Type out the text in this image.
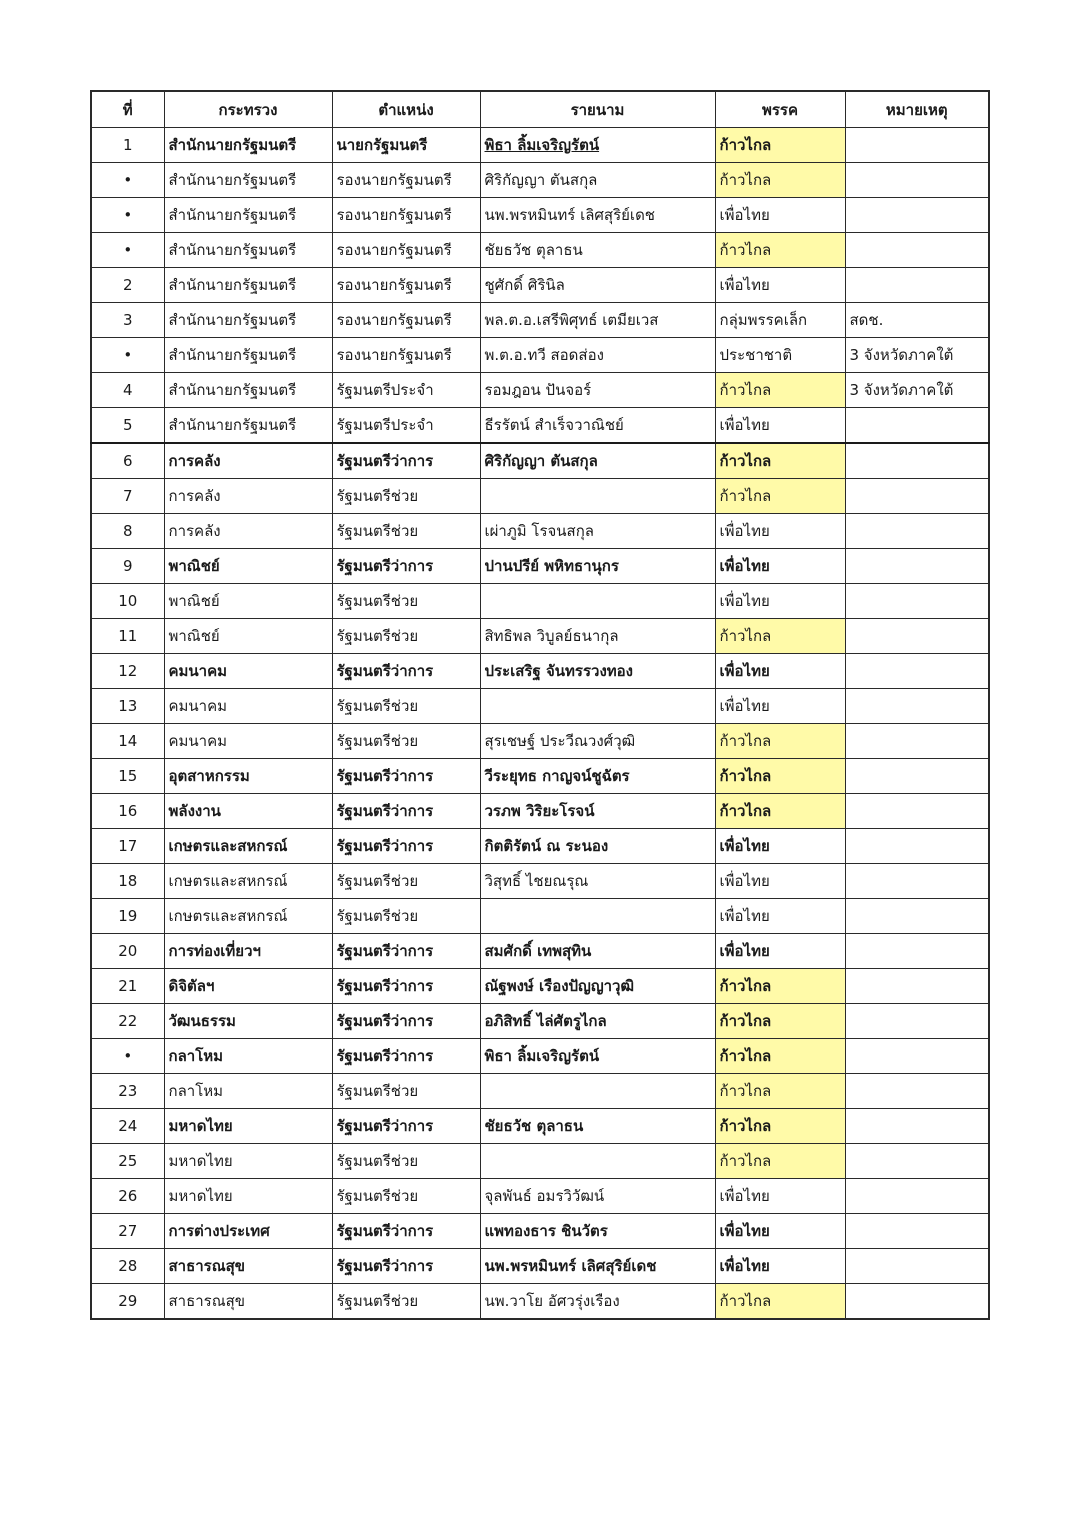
ที่	กระทรวง	ตำแหน่ง	รายนาม	พรรค	หมายเหตุ
1	สำนักนายกรัฐมนตรี	นายกรัฐมนตรี	พิธา ลิ้มเจริญรัตน์	ก้าวไกล	
•	สำนักนายกรัฐมนตรี	รองนายกรัฐมนตรี	ศิริกัญญา ตันสกุล	ก้าวไกล	
•	สำนักนายกรัฐมนตรี	รองนายกรัฐมนตรี	นพ.พรหมินทร์ เลิศสุริย์เดช	เพื่อไทย	
•	สำนักนายกรัฐมนตรี	รองนายกรัฐมนตรี	ชัยธวัช ตุลาธน	ก้าวไกล	
2	สำนักนายกรัฐมนตรี	รองนายกรัฐมนตรี	ชูศักดิ์ ศิรินิล	เพื่อไทย	
3	สำนักนายกรัฐมนตรี	รองนายกรัฐมนตรี	พล.ต.อ.เสรีพิศุทธ์ เตมียเวส	กลุ่มพรรคเล็ก	สดช.
•	สำนักนายกรัฐมนตรี	รองนายกรัฐมนตรี	พ.ต.อ.ทวี สอดส่อง	ประชาชาติ	3 จังหวัดภาคใต้
4	สำนักนายกรัฐมนตรี	รัฐมนตรีประจำ	รอมฎอน ปันจอร์	ก้าวไกล	3 จังหวัดภาคใต้
5	สำนักนายกรัฐมนตรี	รัฐมนตรีประจำ	ธีรรัตน์ สำเร็จวาณิชย์	เพื่อไทย	
6	การคลัง	รัฐมนตรีว่าการ	ศิริกัญญา ตันสกุล	ก้าวไกล	
7	การคลัง	รัฐมนตรีช่วย		ก้าวไกล	
8	การคลัง	รัฐมนตรีช่วย	เผ่าภูมิ โรจนสกุล	เพื่อไทย	
9	พาณิชย์	รัฐมนตรีว่าการ	ปานปรีย์ พหิทธานุกร	เพื่อไทย	
10	พาณิชย์	รัฐมนตรีช่วย		เพื่อไทย	
11	พาณิชย์	รัฐมนตรีช่วย	สิทธิพล วิบูลย์ธนากุล	ก้าวไกล	
12	คมนาคม	รัฐมนตรีว่าการ	ประเสริฐ จันทรรวงทอง	เพื่อไทย	
13	คมนาคม	รัฐมนตรีช่วย		เพื่อไทย	
14	คมนาคม	รัฐมนตรีช่วย	สุรเชษฐ์ ประวีณวงศ์วุฒิ	ก้าวไกล	
15	อุตสาหกรรม	รัฐมนตรีว่าการ	วีระยุทธ กาญจน์ชูฉัตร	ก้าวไกล	
16	พลังงาน	รัฐมนตรีว่าการ	วรภพ วิริยะโรจน์	ก้าวไกล	
17	เกษตรและสหกรณ์	รัฐมนตรีว่าการ	กิตติรัตน์ ณ ระนอง	เพื่อไทย	
18	เกษตรและสหกรณ์	รัฐมนตรีช่วย	วิสุทธิ์ ไชยณรุณ	เพื่อไทย	
19	เกษตรและสหกรณ์	รัฐมนตรีช่วย		เพื่อไทย	
20	การท่องเที่ยวฯ	รัฐมนตรีว่าการ	สมศักดิ์ เทพสุทิน	เพื่อไทย	
21	ดิจิตัลฯ	รัฐมนตรีว่าการ	ณัฐพงษ์ เรืองปัญญาวุฒิ	ก้าวไกล	
22	วัฒนธรรม	รัฐมนตรีว่าการ	อภิสิทธิ์ ไล่ศัตรูไกล	ก้าวไกล	
•	กลาโหม	รัฐมนตรีว่าการ	พิธา ลิ้มเจริญรัตน์	ก้าวไกล	
23	กลาโหม	รัฐมนตรีช่วย		ก้าวไกล	
24	มหาดไทย	รัฐมนตรีว่าการ	ชัยธวัช ตุลาธน	ก้าวไกล	
25	มหาดไทย	รัฐมนตรีช่วย		ก้าวไกล	
26	มหาดไทย	รัฐมนตรีช่วย	จุลพันธ์ อมรวิวัฒน์	เพื่อไทย	
27	การต่างประเทศ	รัฐมนตรีว่าการ	แพทองธาร ชินวัตร	เพื่อไทย	
28	สาธารณสุข	รัฐมนตรีว่าการ	นพ.พรหมินทร์ เลิศสุริย์เดช	เพื่อไทย	
29	สาธารณสุข	รัฐมนตรีช่วย	นพ.วาโย อัศวรุ่งเรือง	ก้าวไกล	
